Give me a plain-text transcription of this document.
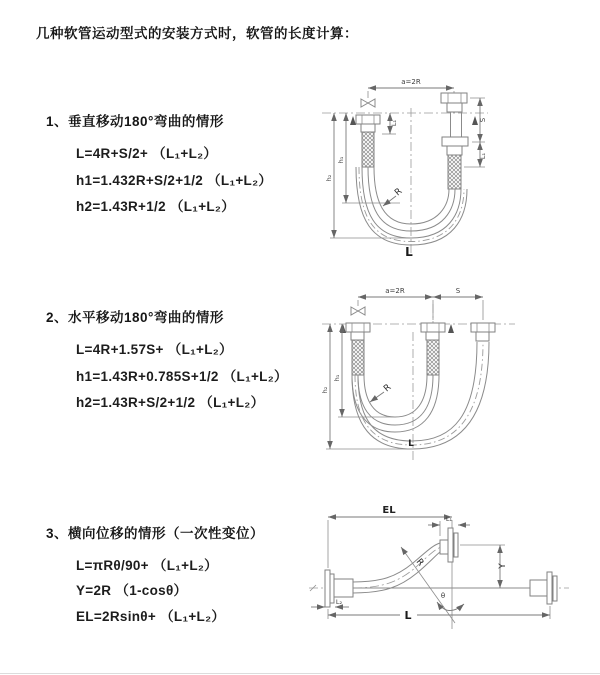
几种软管运动型式的安装方式时，软管的长度计算：
1、垂直移动180°弯曲的情形
L=4R+S/2+ （L₁+L₂）
h1=1.432R+S/2+1/2 （L₁+L₂）
h2=1.43R+1/2 （L₁+L₂）
2、水平移动180°弯曲的情形
L=4R+1.57S+ （L₁+L₂）
h1=1.43R+0.785S+1/2 （L₁+L₂）
h2=1.43R+S/2+1/2 （L₁+L₂）
3、横向位移的情形（一次性变位）
L=πRθ/90+ （L₁+L₂）
Y=2R （1-cosθ）
EL=2Rsinθ+ （L₁+L₂）
a=2R
h₂
h₁
L₁	S
L₁
R
L
a=2R	S
h₂
h₁
R
L
EL
L₁
R
θ
Y
L₂
L
